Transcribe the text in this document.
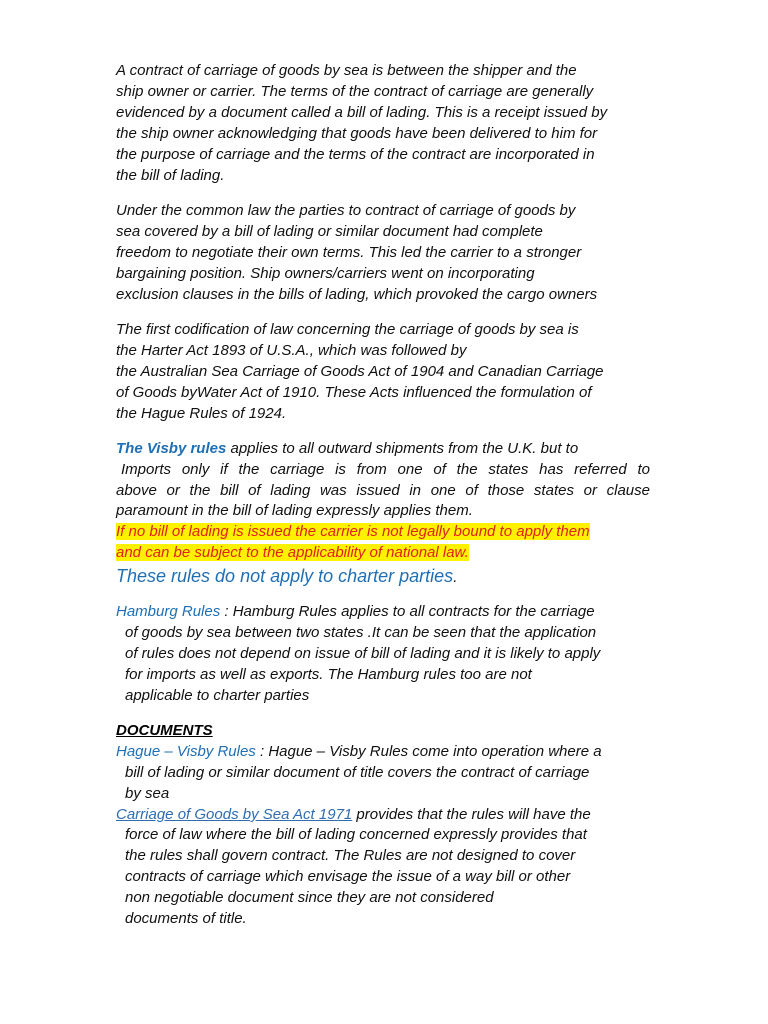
A contract of carriage of goods by sea is between the shipper and the
ship owner or carrier. The terms of the contract of carriage are generally
evidenced by a document called a bill of lading. This is a receipt issued by
the ship owner acknowledging that goods have been delivered to him for
the purpose of carriage and the terms of the contract are incorporated in
the bill of lading.
Under the common law the parties to contract of carriage of goods by
sea covered by a bill of lading or similar document had complete
freedom to negotiate their own terms. This led the carrier to a stronger
bargaining position. Ship owners/carriers went on incorporating
exclusion clauses in the bills of lading, which provoked the cargo owners
The first codification of law concerning the carriage of goods by sea is
the Harter Act 1893 of U.S.A., which was followed by
the Australian Sea Carriage of Goods Act of 1904 and Canadian Carriage
of Goods byWater Act of 1910. These Acts influenced the formulation of
the Hague Rules of 1924.
The Visby rules applies to all outward shipments from the U.K. but to
Imports only if the carriage is from one of the states has referred to
above or the bill of lading was issued in one of those states or clause
paramount in the bill of lading expressly applies them.
If no bill of lading is issued the carrier is not legally bound to apply them
and can be subject to the applicability of national law.
These rules do not apply to charter parties.
Hamburg Rules : Hamburg Rules applies to all contracts for the carriage
of goods by sea between two states .It can be seen that the application
of rules does not depend on issue of bill of lading and it is likely to apply
for imports as well as exports. The Hamburg rules too are not
applicable to charter parties
DOCUMENTS
Hague – Visby Rules : Hague – Visby Rules come into operation where a
bill of lading or similar document of title covers the contract of carriage
by sea
Carriage of Goods by Sea Act 1971 provides that the rules will have the
force of law where the bill of lading concerned expressly provides that
the rules shall govern contract. The Rules are not designed to cover
contracts of carriage which envisage the issue of a way bill or other
non negotiable document since they are not considered
documents of title.
